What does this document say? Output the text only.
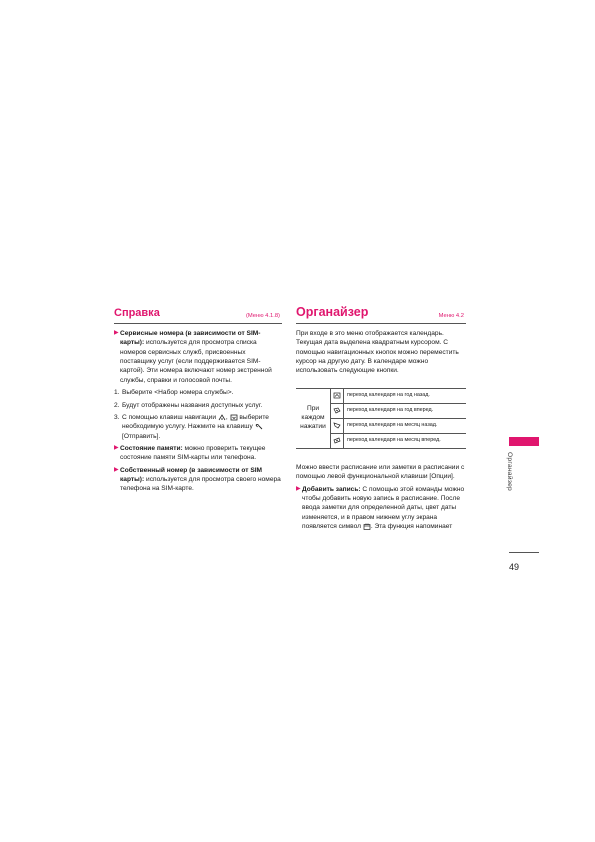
Справка	(Меню 4.1.8)
▶ Сервисные номера (в зависимости от SIM-карты): используется для просмотра списка номеров сервисных служб, присвоенных поставщику услуг (если поддерживается SIM-картой). Эти номера включают номер экстренной службы, справки и голосовой почты.
1. Выберите <Набор номера службы>.
2. Будут отображены названия доступных услуг.
3. С помощью клавиш навигации , выберите необходимую услугу. Нажмите на клавишу
[Отправить].
▶ Состояние памяти: можно проверить текущее состояние памяти SIM-карты или телефона.
▶ Собственный номер (в зависимости от SIM карты): используется для просмотра своего номера телефона на SIM-карте.
Органайзер	Меню 4.2

При входе в это меню отображается календарь. Текущая дата выделена квадратным курсором. С помощью навигационных кнопок можно переместить курсор на другую дату. В календаре можно использовать следующие кнопки.

При каждом нажатии		переход календаря на год назад.

	переход календаря на год вперед.

	переход календаря на месяц назад.

	переход календаря на месяц вперед.

Можно ввести расписание или заметки в расписании с помощью левой функциональной клавиши [Опции].

▶ Добавить запись: С помощью этой команды можно чтобы добавить новую запись в расписание. После ввода заметки для определенной даты, цвет даты изменяется, и в правом нижнем углу экрана появляется символ . Эта функция напоминает
Органайзер
49
